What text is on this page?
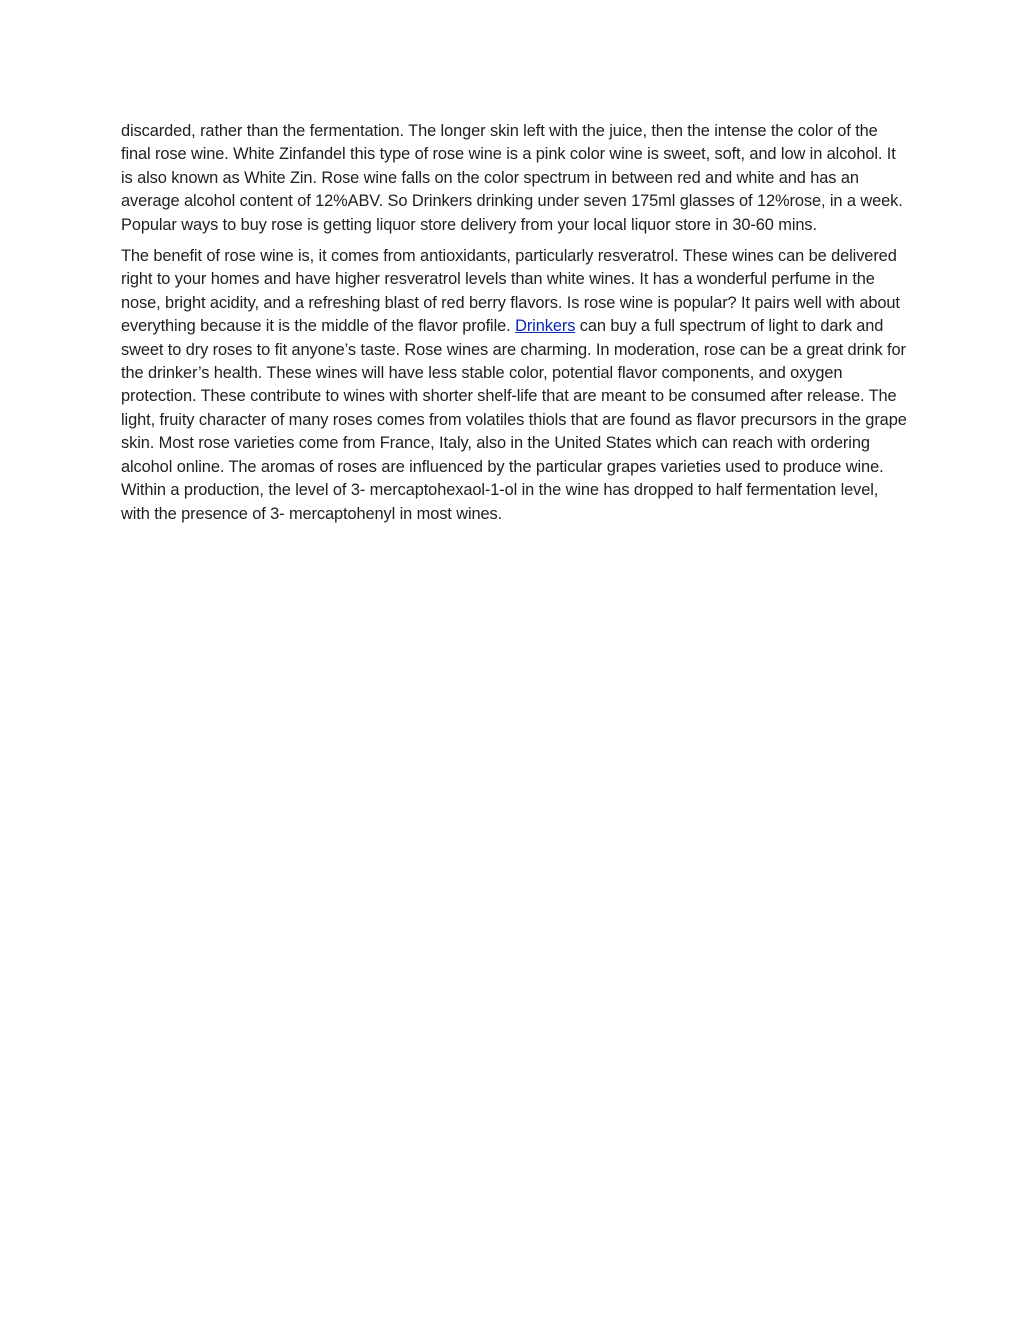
discarded, rather than the fermentation. The longer skin left with the juice, then the intense the color of the final rose wine. White Zinfandel this type of rose wine is a pink color wine is sweet, soft, and low in alcohol. It is also known as White Zin. Rose wine falls on the color spectrum in between red and white and has an average alcohol content of 12%ABV. So Drinkers drinking under seven 175ml glasses of 12%rose, in a week. Popular ways to buy rose is getting liquor store delivery from your local liquor store in 30-60 mins.

The benefit of rose wine is, it comes from antioxidants, particularly resveratrol. These wines can be delivered right to your homes and have higher resveratrol levels than white wines. It has a wonderful perfume in the nose, bright acidity, and a refreshing blast of red berry flavors. Is rose wine is popular? It pairs well with about everything because it is the middle of the flavor profile. Drinkers can buy a full spectrum of light to dark and sweet to dry roses to fit anyone’s taste. Rose wines are charming. In moderation, rose can be a great drink for the drinker’s health. These wines will have less stable color, potential flavor components, and oxygen protection. These contribute to wines with shorter shelf-life that are meant to be consumed after release. The light, fruity character of many roses comes from volatiles thiols that are found as flavor precursors in the grape skin. Most rose varieties come from France, Italy, also in the United States which can reach with ordering alcohol online. The aromas of roses are influenced by the particular grapes varieties used to produce wine. Within a production, the level of 3- mercaptohexaol-1-ol in the wine has dropped to half fermentation level, with the presence of 3- mercaptohenyl in most wines.
